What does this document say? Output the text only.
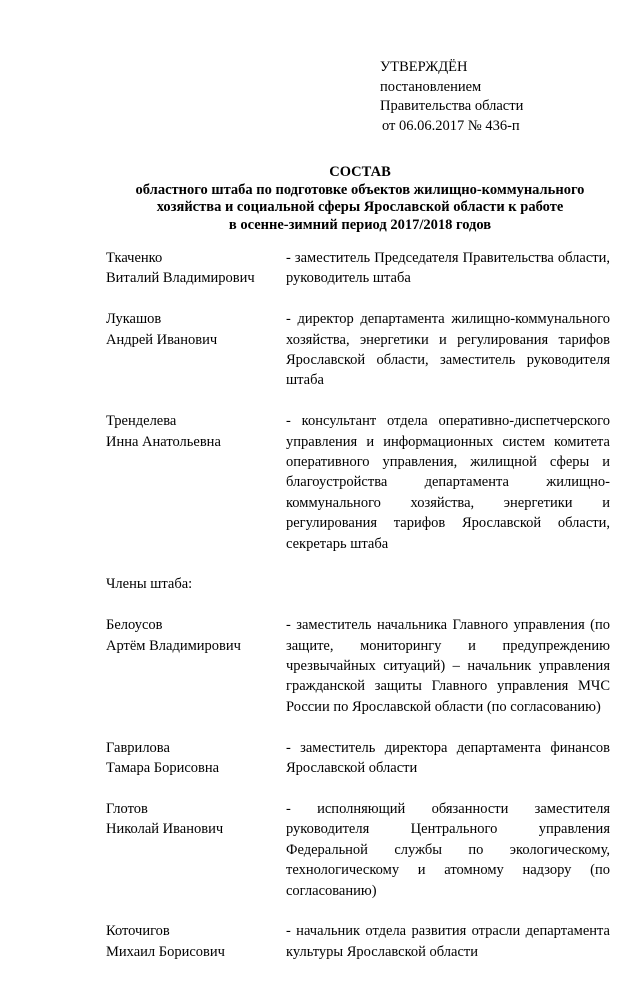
УТВЕРЖДЁН
постановлением
Правительства области
от 06.06.2017 № 436-п
СОСТАВ
областного штаба по подготовке объектов жилищно-коммунального
хозяйства и социальной сферы Ярославской области к работе
в осенне-зимний период 2017/2018 годов
Ткаченко
Виталий Владимирович
- заместитель Председателя Правительства области, руководитель штаба
Лукашов
Андрей Иванович
- директор департамента жилищно-коммунального хозяйства, энергетики и регулирования тарифов Ярославской области, заместитель руководителя штаба
Тренделева
Инна Анатольевна
- консультант отдела оперативно-диспетчерского управления и информационных систем комитета оперативного управления, жилищной сферы и благоустройства департамента жилищно-коммунального хозяйства, энергетики и регулирования тарифов Ярославской области, секретарь штаба
Члены штаба:
Белоусов
Артём Владимирович
- заместитель начальника Главного управления (по защите, мониторингу и предупреждению чрезвычайных ситуаций) – начальник управления гражданской защиты Главного управления МЧС России по Ярославской области (по согласованию)
Гаврилова
Тамара Борисовна
- заместитель директора департамента финансов Ярославской области
Глотов
Николай Иванович
- исполняющий обязанности заместителя руководителя Центрального управления Федеральной службы по экологическому, технологическому и атомному надзору (по согласованию)
Коточигов
Михаил Борисович
- начальник отдела развития отрасли департамента культуры Ярославской области
